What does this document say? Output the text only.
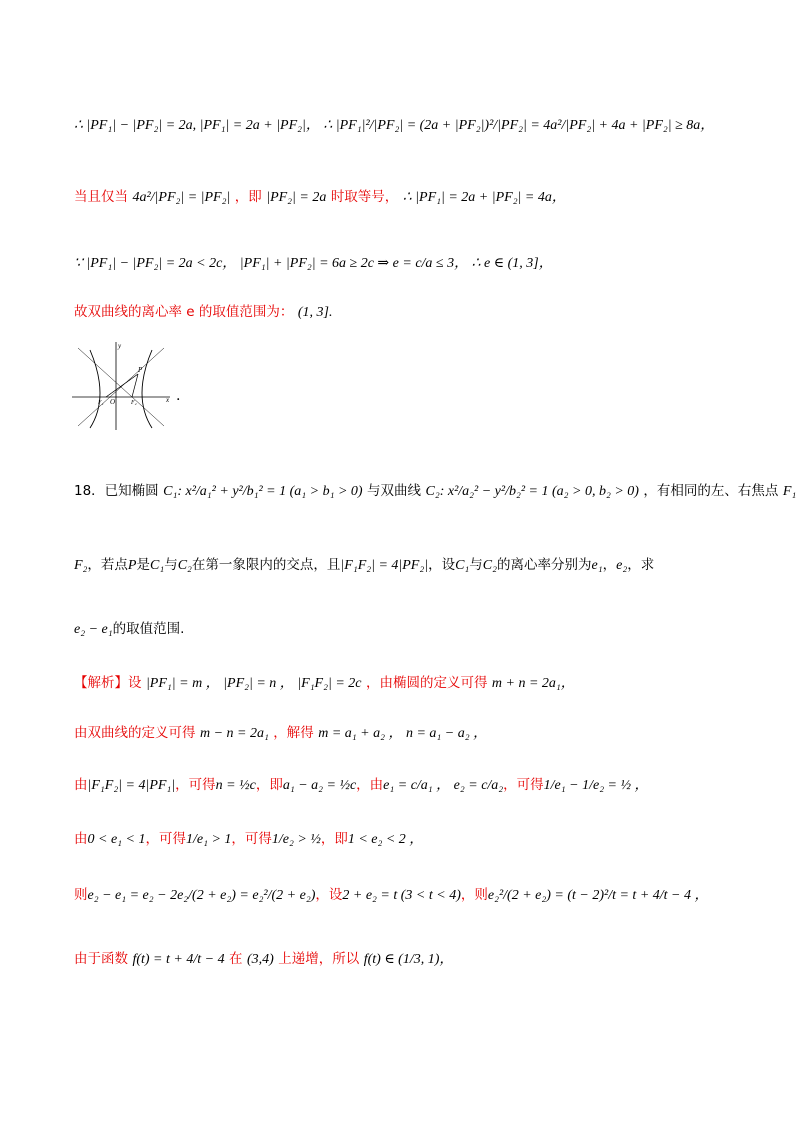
∴ |PF₁| − |PF₂| = 2a, |PF₁| = 2a + |PF₂|， ∴ |PF₁|²/|PF₂| = (2a + |PF₂|)²/|PF₂| = 4a²/|PF₂| + 4a + |PF₂| ≥ 8a，
当且仅当 4a²/|PF₂| = |PF₂| ，即 |PF₂| = 2a 时取等号， ∴ |PF₁| = 2a + |PF₂| = 4a，
∵ |PF₁| − |PF₂| = 2a < 2c， |PF₁| + |PF₂| = 6a ≥ 2c ⇒ e = c/a ≤ 3， ∴ e ∈ (1, 3]，
故双曲线的离心率 e 的取值范围为： (1, 3].
y
x
O
F₁	F₂
P
.
18．已知椭圆 C₁: x²/a₁² + y²/b₁² = 1 (a₁ > b₁ > 0) 与双曲线 C₂: x²/a₂² − y²/b₂² = 1 (a₂ > 0, b₂ > 0) ，有相同的左、右焦点 F₁
F₂，若点P是C₁与C₂在第一象限内的交点，且|F₁F₂| = 4|PF₂|，设C₁与C₂的离心率分别为e₁，e₂，求
e₂ − e₁的取值范围.
【解析】设 |PF₁| = m ， |PF₂| = n ， |F₁F₂| = 2c ，由椭圆的定义可得 m + n = 2a₁，
由双曲线的定义可得 m − n = 2a₁ ，解得 m = a₁ + a₂ ， n = a₁ − a₂ ，
由|F₁F₂| = 4|PF₁|，可得n = ½c，即a₁ − a₂ = ½c，由e₁ = c/a₁ ， e₂ = c/a₂，可得1/e₁ − 1/e₂ = ½ ，
由0 < e₁ < 1，可得1/e₁ > 1，可得1/e₂ > ½，即1 < e₂ < 2 ，
则e₂ − e₁ = e₂ − 2e₂/(2 + e₂) = e₂²/(2 + e₂)，设2 + e₂ = t (3 < t < 4)，则e₂²/(2 + e₂) = (t − 2)²/t = t + 4/t − 4 ，
由于函数 f(t) = t + 4/t − 4 在 (3,4) 上递增，所以 f(t) ∈ (1/3, 1)，
